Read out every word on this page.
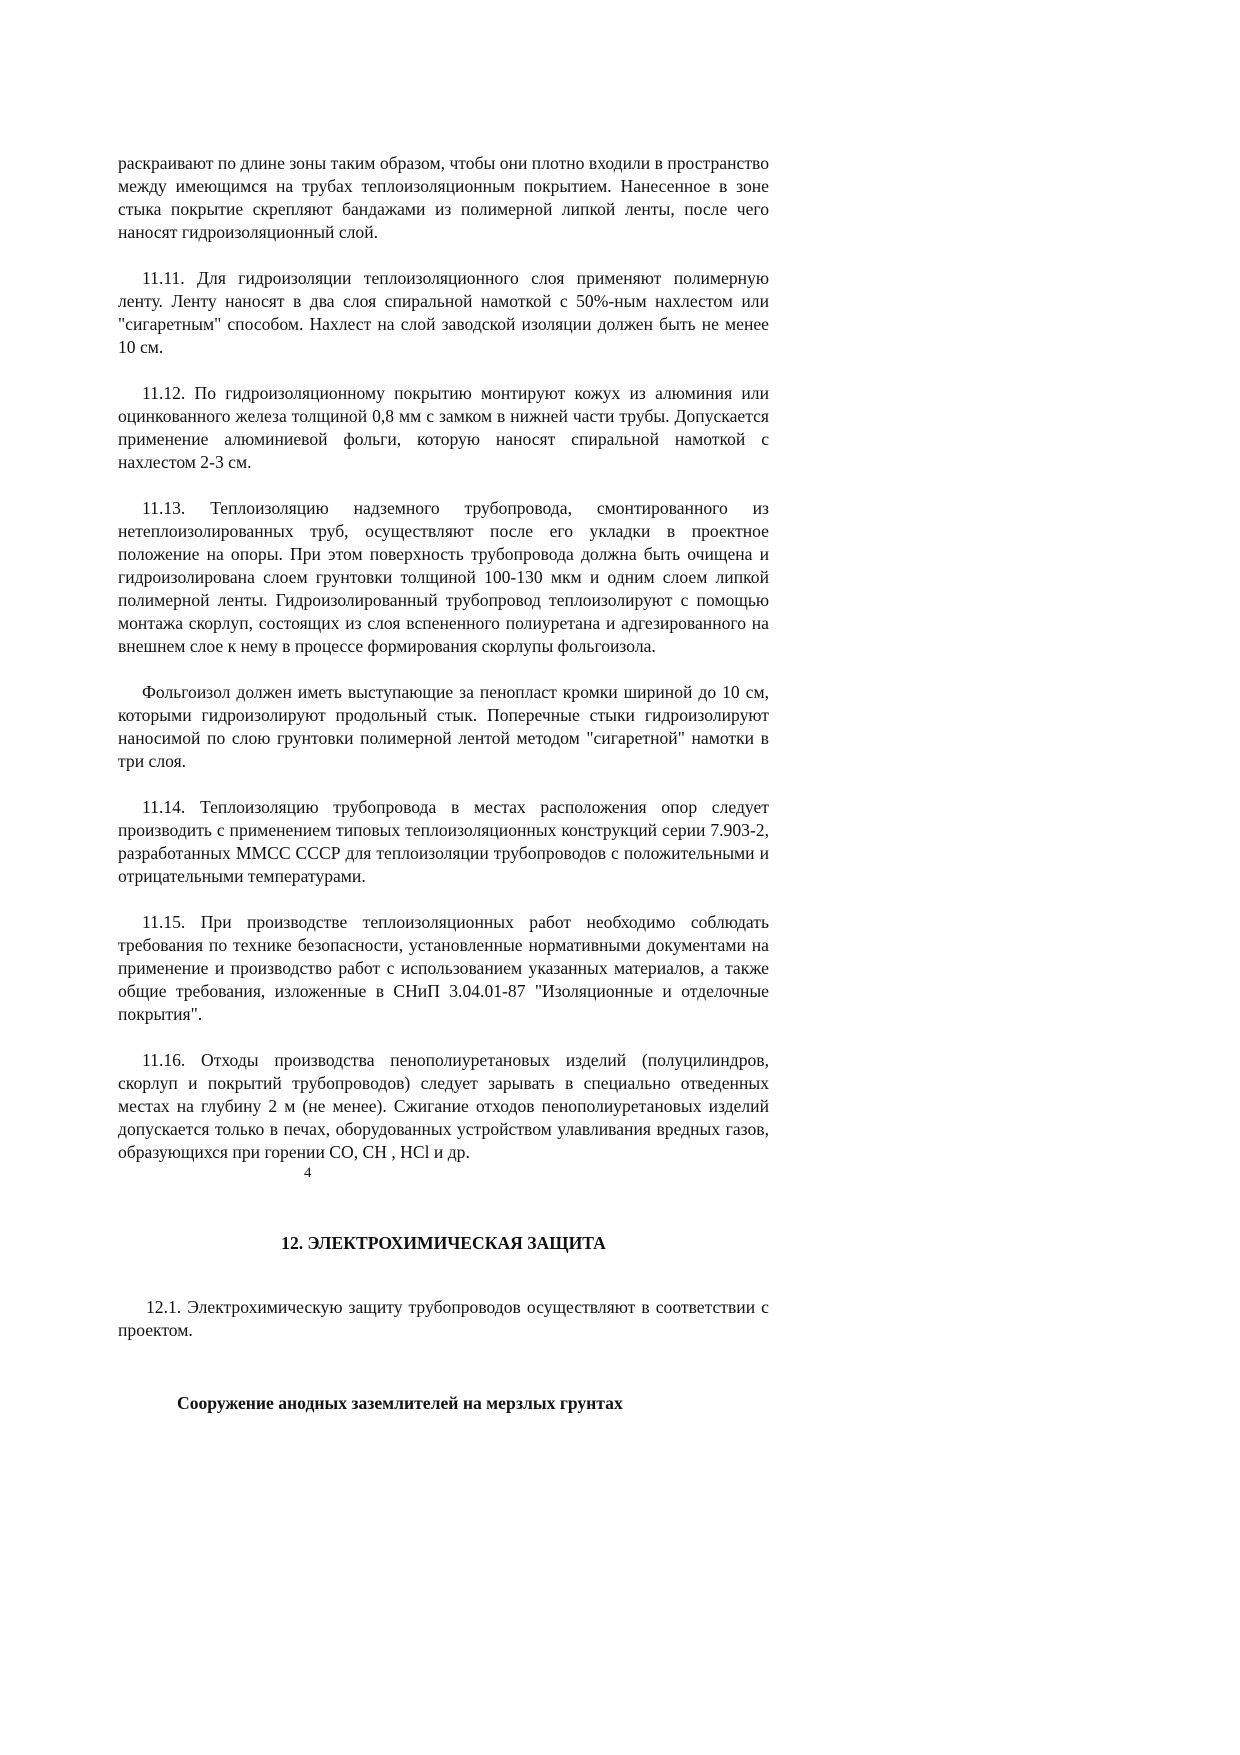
раскраивают по длине зоны таким образом, чтобы они плотно входили в пространство между имеющимся на трубах теплоизоляционным покрытием. Нанесенное в зоне стыка покрытие скрепляют бандажами из полимерной липкой ленты, после чего наносят гидроизоляционный слой.

11.11. Для гидроизоляции теплоизоляционного слоя применяют полимерную ленту. Ленту наносят в два слоя спиральной намоткой с 50%-ным нахлестом или "сигаретным" способом. Нахлест на слой заводской изоляции должен быть не менее 10 см.

11.12. По гидроизоляционному покрытию монтируют кожух из алюминия или оцинкованного железа толщиной 0,8 мм с замком в нижней части трубы. Допускается применение алюминиевой фольги, которую наносят спиральной намоткой с нахлестом 2-3 см.

11.13. Теплоизоляцию надземного трубопровода, смонтированного из нетеплоизолированных труб, осуществляют после его укладки в проектное положение на опоры. При этом поверхность трубопровода должна быть очищена и гидроизолирована слоем грунтовки толщиной 100-130 мкм и одним слоем липкой полимерной ленты. Гидроизолированный трубопровод теплоизолируют с помощью монтажа скорлуп, состоящих из слоя вспененного полиуретана и адгезированного на внешнем слое к нему в процессе формирования скорлупы фольгоизола.

Фольгоизол должен иметь выступающие за пенопласт кромки шириной до 10 см, которыми гидроизолируют продольный стык. Поперечные стыки гидроизолируют наносимой по слою грунтовки полимерной лентой методом "сигаретной" намотки в три слоя.

11.14. Теплоизоляцию трубопровода в местах расположения опор следует производить с применением типовых теплоизоляционных конструкций серии 7.903-2, разработанных ММСС СССР для теплоизоляции трубопроводов с положительными и отрицательными температурами.

11.15. При производстве теплоизоляционных работ необходимо соблюдать требования по технике безопасности, установленные нормативными документами на применение и производство работ с использованием указанных материалов, а также общие требования, изложенные в СНиП 3.04.01-87 "Изоляционные и отделочные покрытия".

11.16. Отходы производства пенополиуретановых изделий (полуцилиндров, скорлуп и покрытий трубопроводов) следует зарывать в специально отведенных местах на глубину 2 м (не менее). Сжигание отходов пенополиуретановых изделий допускается только в печах, оборудованных устройством улавливания вредных газов, образующихся при горении СО, СН , HCl и др.

4

12. ЭЛЕКТРОХИМИЧЕСКАЯ ЗАЩИТА

12.1. Электрохимическую защиту трубопроводов осуществляют в соответствии с проектом.

Сооружение анодных заземлителей на мерзлых грунтах
